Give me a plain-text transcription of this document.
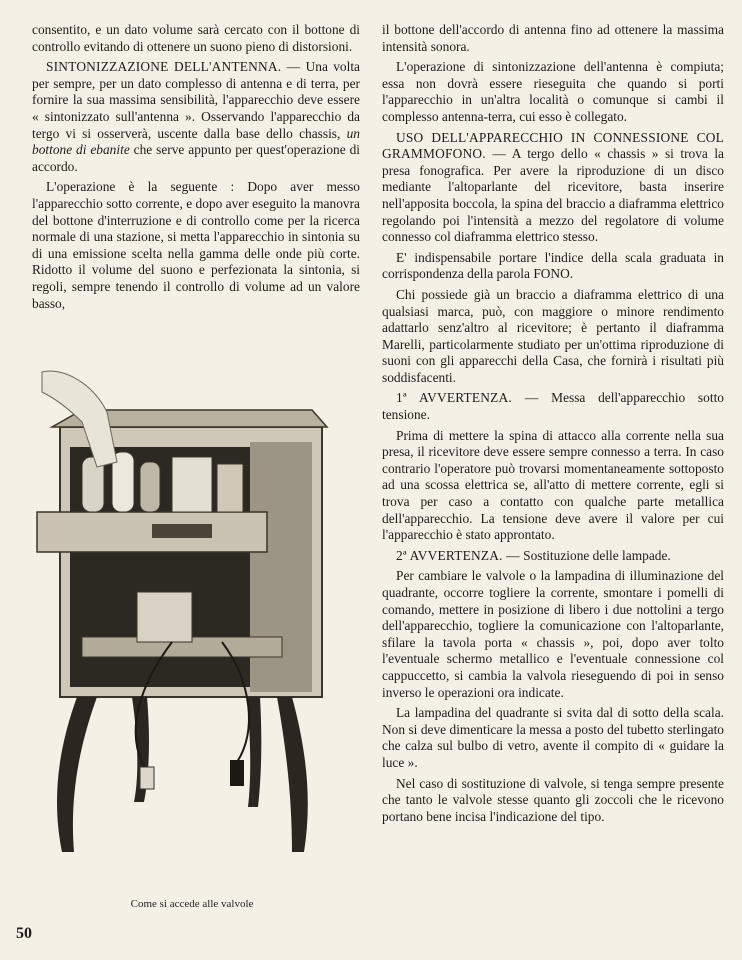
consentito, e un dato volume sarà cercato con il bottone di controllo evitando di ottenere un suono pieno di distorsioni.

SINTONIZZAZIONE DELL'ANTENNA. — Una volta per sempre, per un dato complesso di antenna e di terra, per fornire la sua massima sensibilità, l'apparecchio deve essere « sintonizzato sull'antenna ». Osservando l'apparecchio da tergo vi si osserverà, uscente dalla base dello chassis, un bottone di ebanite che serve appunto per quest'operazione di accordo.

L'operazione è la seguente : Dopo aver messo l'apparecchio sotto corrente, e dopo aver eseguito la manovra del bottone d'interruzione e di controllo come per la ricerca normale di una stazione, si metta l'apparecchio in sintonia su di una emissione scelta nella gamma delle onde più corte. Ridotto il volume del suono e perfezionata la sintonia, si regoli, sempre tenendo il controllo di volume ad un valore basso,

Come si accede alle valvole

il bottone dell'accordo di antenna fino ad ottenere la massima intensità sonora.

L'operazione di sintonizzazione dell'antenna è compiuta; essa non dovrà essere rieseguita che quando si porti l'apparecchio in un'altra località o comunque si cambi il complesso antenna-terra, cui esso è collegato.

USO DELL'APPARECCHIO IN CONNESSIONE COL GRAMMOFONO. — A tergo dello « chassis » si trova la presa fonografica. Per avere la riproduzione di un disco mediante l'altoparlante del ricevitore, basta inserire nell'apposita boccola, la spina del braccio a diaframma elettrico regolando poi l'intensità a mezzo del regolatore di volume connesso col diaframma elettrico stesso.

E' indispensabile portare l'indice della scala graduata in corrispondenza della parola FONO.

Chi possiede già un braccio a diaframma elettrico di una qualsiasi marca, può, con maggiore o minore rendimento adattarlo senz'altro al ricevitore; è pertanto il diaframma Marelli, particolarmente studiato per un'ottima riproduzione di suoni con gli apparecchi della Casa, che fornirà i risultati più soddisfacenti.

1ª AVVERTENZA. — Messa dell'apparecchio sotto tensione.

Prima di mettere la spina di attacco alla corrente nella sua presa, il ricevitore deve essere sempre connesso a terra. In caso contrario l'operatore può trovarsi momentaneamente sottoposto ad una scossa elettrica se, all'atto di mettere corrente, egli si trova per caso a contatto con qualche parte metallica dell'apparecchio. La tensione deve avere il valore per cui l'apparecchio è stato approntato.

2ª AVVERTENZA. — Sostituzione delle lampade.

Per cambiare le valvole o la lampadina di illuminazione del quadrante, occorre togliere la corrente, smontare i pomelli di comando, mettere in posizione di libero i due nottolini a tergo dell'apparecchio, togliere la comunicazione con l'altoparlante, sfilare la tavola porta « chassis », poi, dopo aver tolto l'eventuale schermo metallico e l'eventuale connessione col cappuccetto, si cambia la valvola rieseguendo di poi in senso inverso le operazioni ora indicate.

La lampadina del quadrante si svita dal di sotto della scala. Non si deve dimenticare la messa a posto del tubetto sterlingato che calza sul bulbo di vetro, avente il compito di « guidare la luce ».

Nel caso di sostituzione di valvole, si tenga sempre presente che tanto le valvole stesse quanto gli zoccoli che le ricevono portano bene incisa l'indicazione del tipo.

50
